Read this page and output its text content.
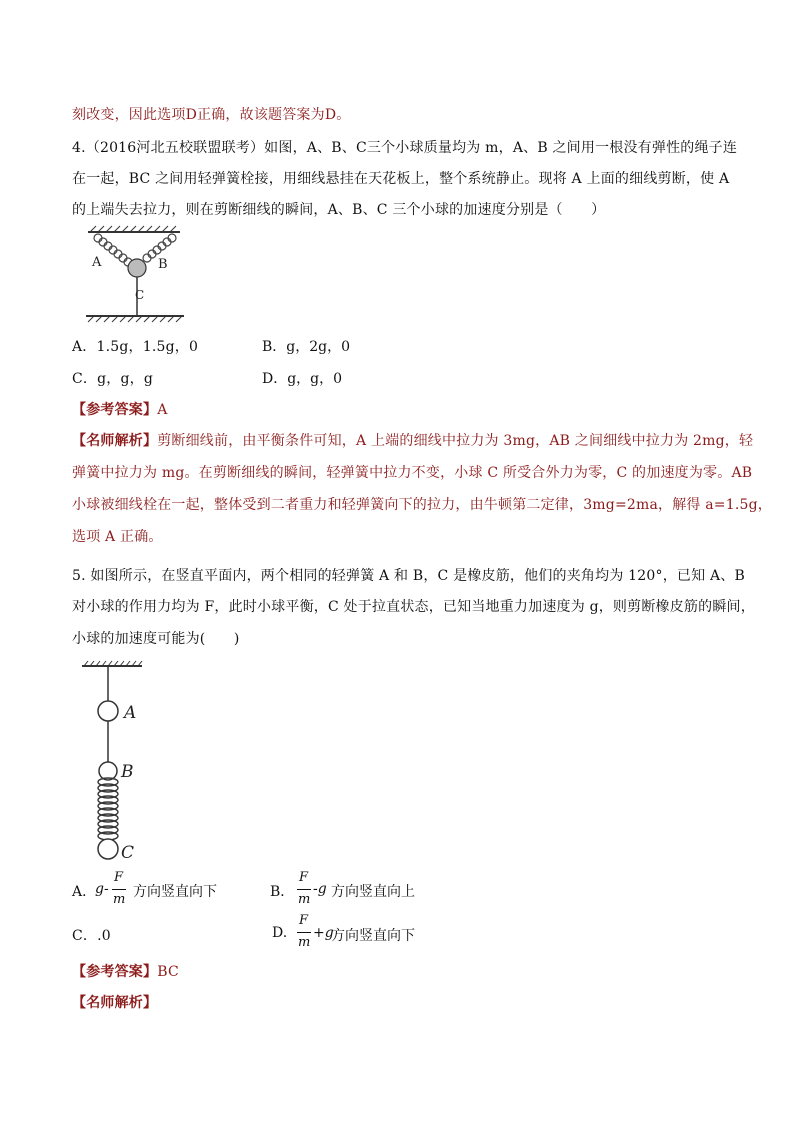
刻改变，因此选项D正确，故该题答案为D。
4.（2016河北五校联盟联考）如图，A、B、C三个小球质量均为 m，A、B 之间用一根没有弹性的绳子连
在一起，BC 之间用轻弹簧栓接，用细线悬挂在天花板上，整个系统静止。现将 A 上面的细线剪断，使 A
的上端失去拉力，则在剪断细线的瞬间，A、B、C 三个小球的加速度分别是（　　）
A	B
C
A．1.5g，1.5g，0	B．g，2g，0
C．g，g，g	D．g，g，0
【参考答案】A
【名师解析】剪断细线前，由平衡条件可知，A 上端的细线中拉力为 3mg，AB 之间细线中拉力为 2mg，轻
弹簧中拉力为 mg。在剪断细线的瞬间，轻弹簧中拉力不变，小球 C 所受合外力为零，C 的加速度为零。AB
小球被细线栓在一起，整体受到二者重力和轻弹簧向下的拉力，由牛顿第二定律，3mg=2ma，解得 a=1.5g，
选项 A 正确。
5. 如图所示，在竖直平面内，两个相同的轻弹簧 A 和 B，C 是橡皮筋，他们的夹角均为 120°，已知 A、B
对小球的作用力均为 F，此时小球平衡，C 处于拉直状态，已知当地重力加速度为 g，则剪断橡皮筋的瞬间，
小球的加速度可能为(　　)
A
B
C
A．
g -
F
m 方向竖直向下	B．
F
m
-g 方向竖直向上
C．.0	D.
F
m
+g
方向竖直向下
【参考答案】BC
【名师解析】
